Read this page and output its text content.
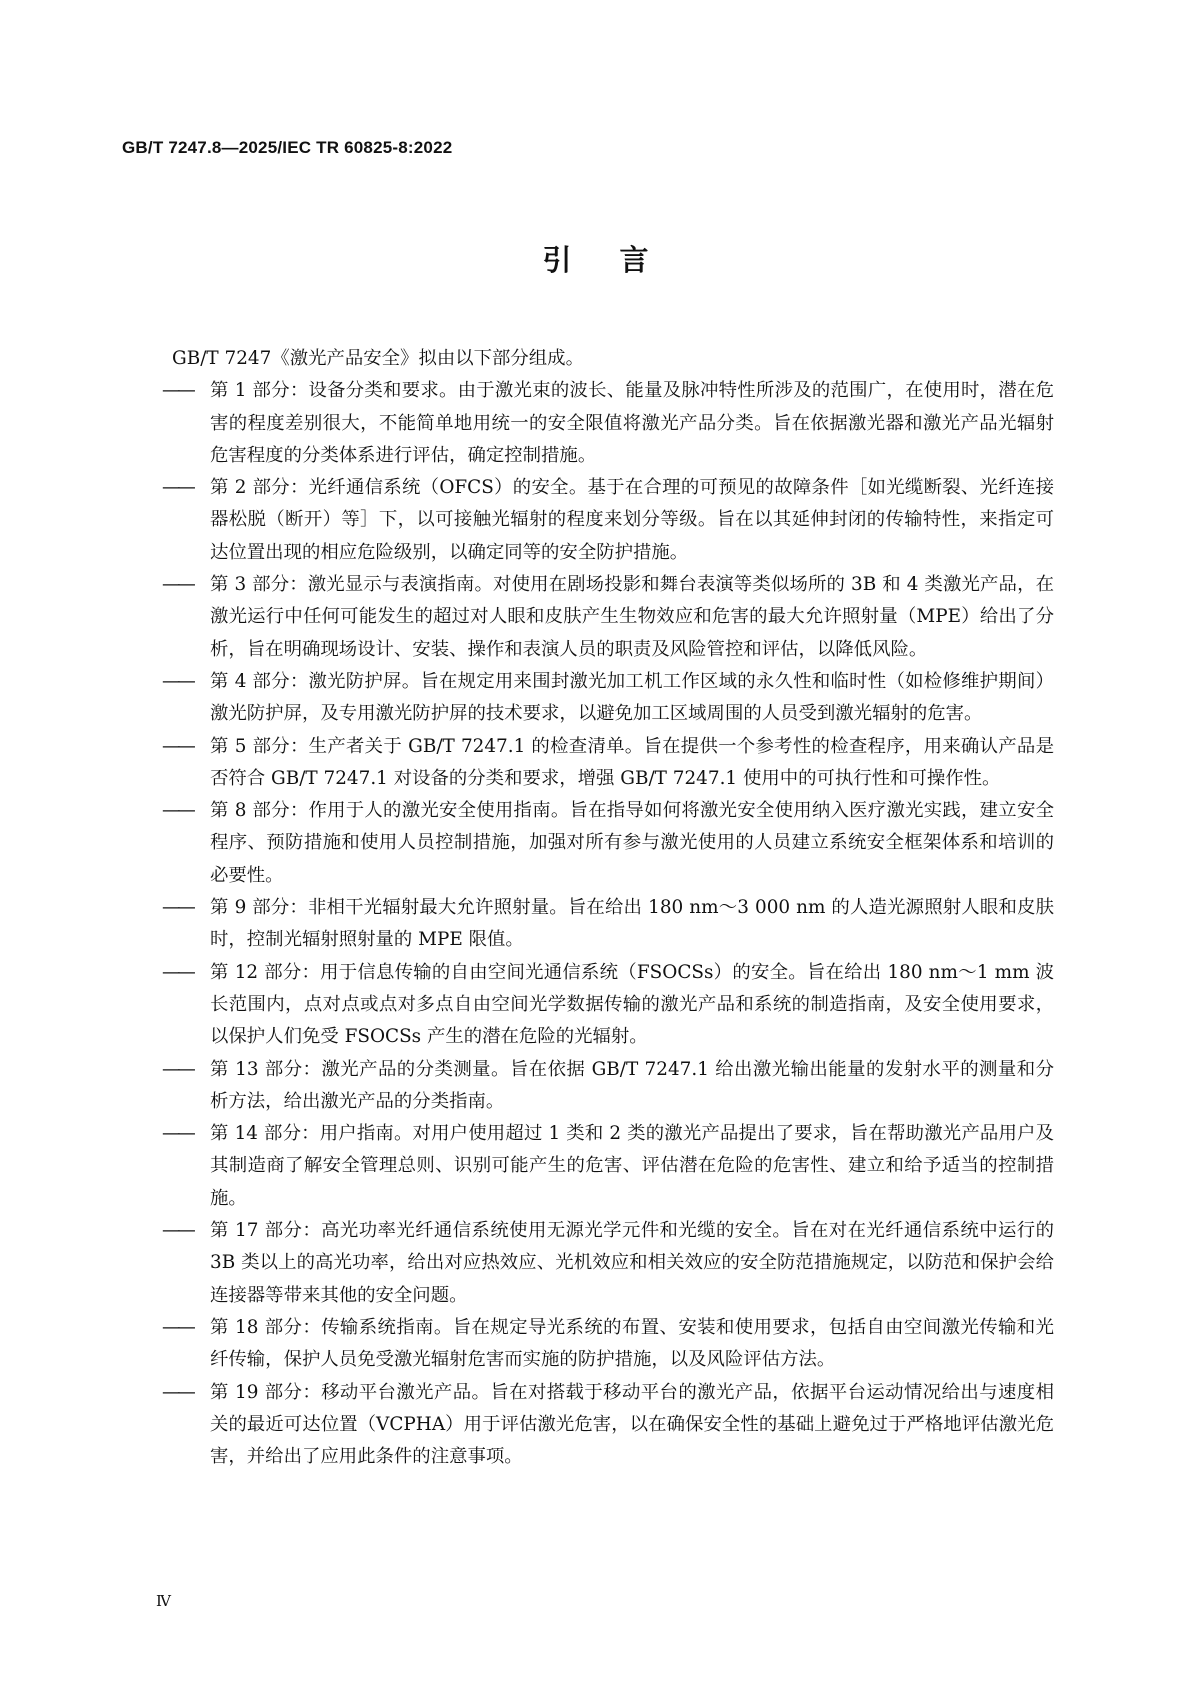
GB/T 7247.8—2025/IEC TR 60825-8:2022
引言
GB/T 7247《激光产品安全》拟由以下部分组成。
—— 第 1 部分：设备分类和要求。由于激光束的波长、能量及脉冲特性所涉及的范围广，在使用时，潜在危害的程度差别很大，不能简单地用统一的安全限值将激光产品分类。旨在依据激光器和激光产品光辐射危害程度的分类体系进行评估，确定控制措施。
—— 第 2 部分：光纤通信系统（OFCS）的安全。基于在合理的可预见的故障条件［如光缆断裂、光纤连接器松脱（断开）等］下，以可接触光辐射的程度来划分等级。旨在以其延伸封闭的传输特性，来指定可达位置出现的相应危险级别，以确定同等的安全防护措施。
—— 第 3 部分：激光显示与表演指南。对使用在剧场投影和舞台表演等类似场所的 3B 和 4 类激光产品，在激光运行中任何可能发生的超过对人眼和皮肤产生生物效应和危害的最大允许照射量（MPE）给出了分析，旨在明确现场设计、安装、操作和表演人员的职责及风险管控和评估，以降低风险。
—— 第 4 部分：激光防护屏。旨在规定用来围封激光加工机工作区域的永久性和临时性（如检修维护期间）激光防护屏，及专用激光防护屏的技术要求，以避免加工区域周围的人员受到激光辐射的危害。
—— 第 5 部分：生产者关于 GB/T 7247.1 的检查清单。旨在提供一个参考性的检查程序，用来确认产品是否符合 GB/T 7247.1 对设备的分类和要求，增强 GB/T 7247.1 使用中的可执行性和可操作性。
—— 第 8 部分：作用于人的激光安全使用指南。旨在指导如何将激光安全使用纳入医疗激光实践，建立安全程序、预防措施和使用人员控制措施，加强对所有参与激光使用的人员建立系统安全框架体系和培训的必要性。
—— 第 9 部分：非相干光辐射最大允许照射量。旨在给出 180 nm～3 000 nm 的人造光源照射人眼和皮肤时，控制光辐射照射量的 MPE 限值。
—— 第 12 部分：用于信息传输的自由空间光通信系统（FSOCSs）的安全。旨在给出 180 nm～1 mm 波长范围内，点对点或点对多点自由空间光学数据传输的激光产品和系统的制造指南，及安全使用要求，以保护人们免受 FSOCSs 产生的潜在危险的光辐射。
—— 第 13 部分：激光产品的分类测量。旨在依据 GB/T 7247.1 给出激光输出能量的发射水平的测量和分析方法，给出激光产品的分类指南。
—— 第 14 部分：用户指南。对用户使用超过 1 类和 2 类的激光产品提出了要求，旨在帮助激光产品用户及其制造商了解安全管理总则、识别可能产生的危害、评估潜在危险的危害性、建立和给予适当的控制措施。
—— 第 17 部分：高光功率光纤通信系统使用无源光学元件和光缆的安全。旨在对在光纤通信系统中运行的 3B 类以上的高光功率，给出对应热效应、光机效应和相关效应的安全防范措施规定，以防范和保护会给连接器等带来其他的安全问题。
—— 第 18 部分：传输系统指南。旨在规定导光系统的布置、安装和使用要求，包括自由空间激光传输和光纤传输，保护人员免受激光辐射危害而实施的防护措施，以及风险评估方法。
—— 第 19 部分：移动平台激光产品。旨在对搭载于移动平台的激光产品，依据平台运动情况给出与速度相关的最近可达位置（VCPHA）用于评估激光危害，以在确保安全性的基础上避免过于严格地评估激光危害，并给出了应用此条件的注意事项。
Ⅳ
